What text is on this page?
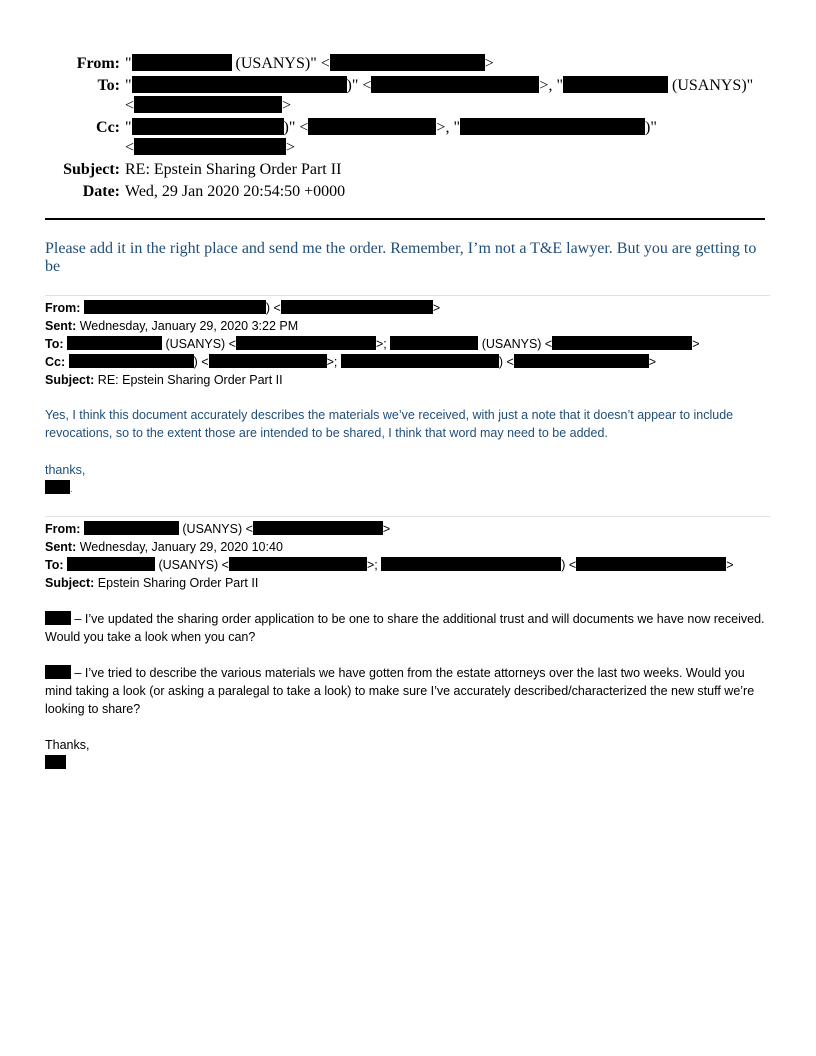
From: "	(USANYS)" <	>
To: "	)" <	>, "	(USANYS)"
<	>
Cc: "	)" <	>, "	)"
<	>
Subject: RE: Epstein Sharing Order Part II
Date: Wed, 29 Jan 2020 20:54:50 +0000
Please add it in the right place and send me the order. Remember, I’m not a T&E lawyer. But you are getting to be
From:	) <	>
Sent: Wednesday, January 29, 2020 3:22 PM
To:	(USANYS) <	>;	(USANYS) <	>
Cc:	) <	>;	) <	>
Subject: RE: Epstein Sharing Order Part II

Yes, I think this document accurately describes the materials we’ve received, with just a note that it doesn’t appear to include revocations, so to the extent those are intended to be shared, I think that word may need to be added.

thanks,
.
From:	(USANYS) <	>
Sent: Wednesday, January 29, 2020 10:40
To:	(USANYS) <	>;	) <	>
Subject: Epstein Sharing Order Part II

– I’ve updated the sharing order application to be one to share the additional trust and will documents we have now received. Would you take a look when you can?

– I’ve tried to describe the various materials we have gotten from the estate attorneys over the last two weeks. Would you mind taking a look (or asking a paralegal to take a look) to make sure I’ve accurately described/characterized the new stuff we’re looking to share?

Thanks,
